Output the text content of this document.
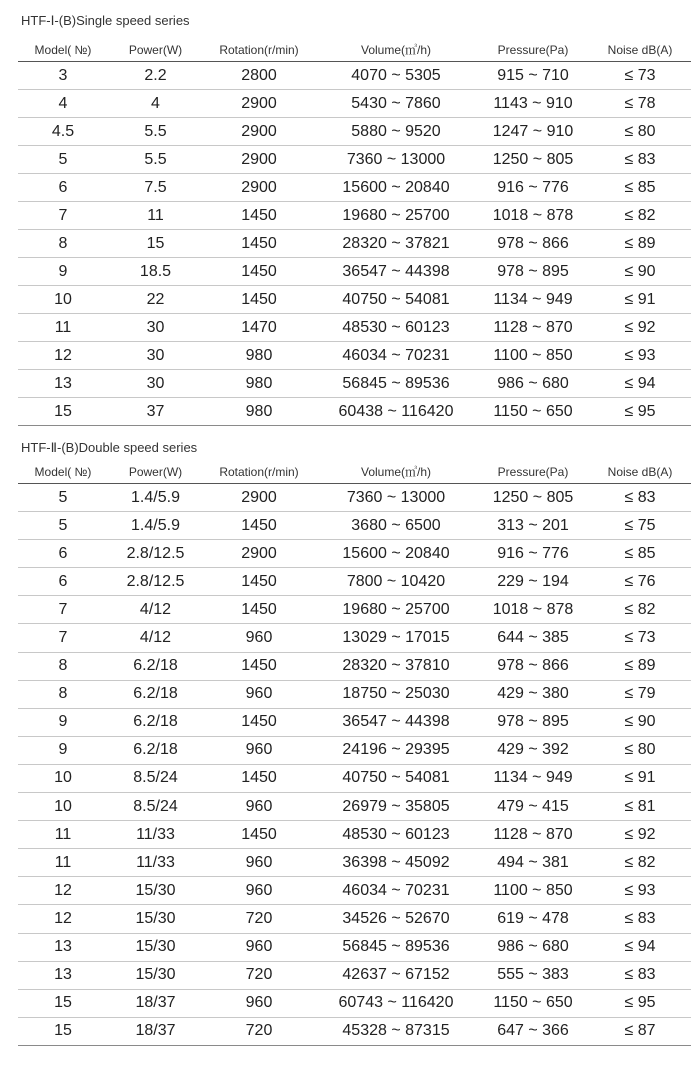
HTF-Ⅰ-(B)Single speed series
Model( №)	Power(W)	Rotation(r/min)	Volume(㎥/h)	Pressure(Pa)	Noise dB(A)
3	2.2	2800	4070 ~ 5305	915 ~ 710	≤ 73
4	4	2900	5430 ~ 7860	1143 ~ 910	≤ 78
4.5	5.5	2900	5880 ~ 9520	1247 ~ 910	≤ 80
5	5.5	2900	7360 ~ 13000	1250 ~ 805	≤ 83
6	7.5	2900	15600 ~ 20840	916 ~ 776	≤ 85
7	11	1450	19680 ~ 25700	1018 ~ 878	≤ 82
8	15	1450	28320 ~ 37821	978 ~ 866	≤ 89
9	18.5	1450	36547 ~ 44398	978 ~ 895	≤ 90
10	22	1450	40750 ~ 54081	1134 ~ 949	≤ 91
11	30	1470	48530 ~ 60123	1128 ~ 870	≤ 92
12	30	980	46034 ~ 70231	1100 ~ 850	≤ 93
13	30	980	56845 ~ 89536	986 ~ 680	≤ 94
15	37	980	60438 ~ 116420	1150 ~ 650	≤ 95
HTF-Ⅱ-(B)Double speed series
Model( №)	Power(W)	Rotation(r/min)	Volume(㎥/h)	Pressure(Pa)	Noise dB(A)
5	1.4/5.9	2900	7360 ~ 13000	1250 ~ 805	≤ 83
5	1.4/5.9	1450	3680 ~ 6500	313 ~ 201	≤ 75
6	2.8/12.5	2900	15600 ~ 20840	916 ~ 776	≤ 85
6	2.8/12.5	1450	7800 ~ 10420	229 ~ 194	≤ 76
7	4/12	1450	19680 ~ 25700	1018 ~ 878	≤ 82
7	4/12	960	13029 ~ 17015	644 ~ 385	≤ 73
8	6.2/18	1450	28320 ~ 37810	978 ~ 866	≤ 89
8	6.2/18	960	18750 ~ 25030	429 ~ 380	≤ 79
9	6.2/18	1450	36547 ~ 44398	978 ~ 895	≤ 90
9	6.2/18	960	24196 ~ 29395	429 ~ 392	≤ 80
10	8.5/24	1450	40750 ~ 54081	1134 ~ 949	≤ 91
10	8.5/24	960	26979 ~ 35805	479 ~ 415	≤ 81
11	11/33	1450	48530 ~ 60123	1128 ~ 870	≤ 92
11	11/33	960	36398 ~ 45092	494 ~ 381	≤ 82
12	15/30	960	46034 ~ 70231	1100 ~ 850	≤ 93
12	15/30	720	34526 ~ 52670	619 ~ 478	≤ 83
13	15/30	960	56845 ~ 89536	986 ~ 680	≤ 94
13	15/30	720	42637 ~ 67152	555 ~ 383	≤ 83
15	18/37	960	60743 ~ 116420	1150 ~ 650	≤ 95
15	18/37	720	45328 ~ 87315	647 ~ 366	≤ 87
